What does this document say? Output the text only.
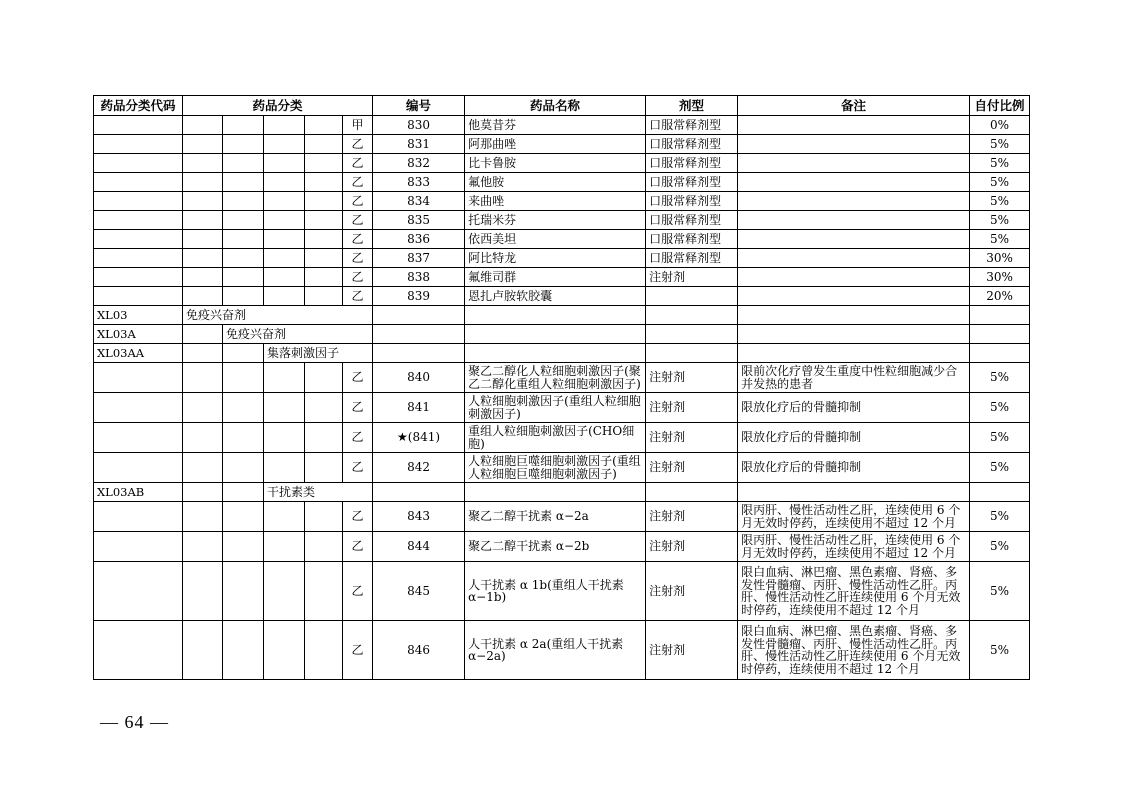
药品分类代码	药品分类					编号	药品名称	剂型	备注	自付比例
					甲	830	他莫昔芬	口服常释剂型		0%
					乙	831	阿那曲唑	口服常释剂型		5%
					乙	832	比卡鲁胺	口服常释剂型		5%
					乙	833	氟他胺	口服常释剂型		5%
					乙	834	来曲唑	口服常释剂型		5%
					乙	835	托瑞米芬	口服常释剂型		5%
					乙	836	依西美坦	口服常释剂型		5%
					乙	837	阿比特龙	口服常释剂型		30%
					乙	838	氟维司群	注射剂		30%
					乙	839	恩扎卢胺软胶囊			20%
XL03	免疫兴奋剂									
XL03A		免疫兴奋剂								
XL03AA			集落刺激因子							
					乙	840	聚乙二醇化人粒细胞刺激因子(聚乙二醇化重组人粒细胞刺激因子)	注射剂	限前次化疗曾发生重度中性粒细胞减少合并发热的患者	5%
					乙	841	人粒细胞刺激因子(重组人粒细胞刺激因子)	注射剂	限放化疗后的骨髓抑制	5%
					乙	★(841)	重组人粒细胞刺激因子(CHO细胞)	注射剂	限放化疗后的骨髓抑制	5%
					乙	842	人粒细胞巨噬细胞刺激因子(重组人粒细胞巨噬细胞刺激因子)	注射剂	限放化疗后的骨髓抑制	5%
XL03AB			干扰素类							
					乙	843	聚乙二醇干扰素 α−2a	注射剂	限丙肝、慢性活动性乙肝，连续使用 6 个月无效时停药，连续使用不超过 12 个月	5%
					乙	844	聚乙二醇干扰素 α−2b	注射剂	限丙肝、慢性活动性乙肝，连续使用 6 个月无效时停药，连续使用不超过 12 个月	5%
					乙	845	人干扰素 α 1b(重组人干扰素 α−1b)	注射剂	限白血病、淋巴瘤、黑色素瘤、肾癌、多发性骨髓瘤、丙肝、慢性活动性乙肝。丙肝、慢性活动性乙肝连续使用 6 个月无效时停药，连续使用不超过 12 个月	5%
					乙	846	人干扰素 α 2a(重组人干扰素 α−2a)	注射剂	限白血病、淋巴瘤、黑色素瘤、肾癌、多发性骨髓瘤、丙肝、慢性活动性乙肝。丙肝、慢性活动性乙肝连续使用 6 个月无效时停药，连续使用不超过 12 个月	5%
— 64 —
